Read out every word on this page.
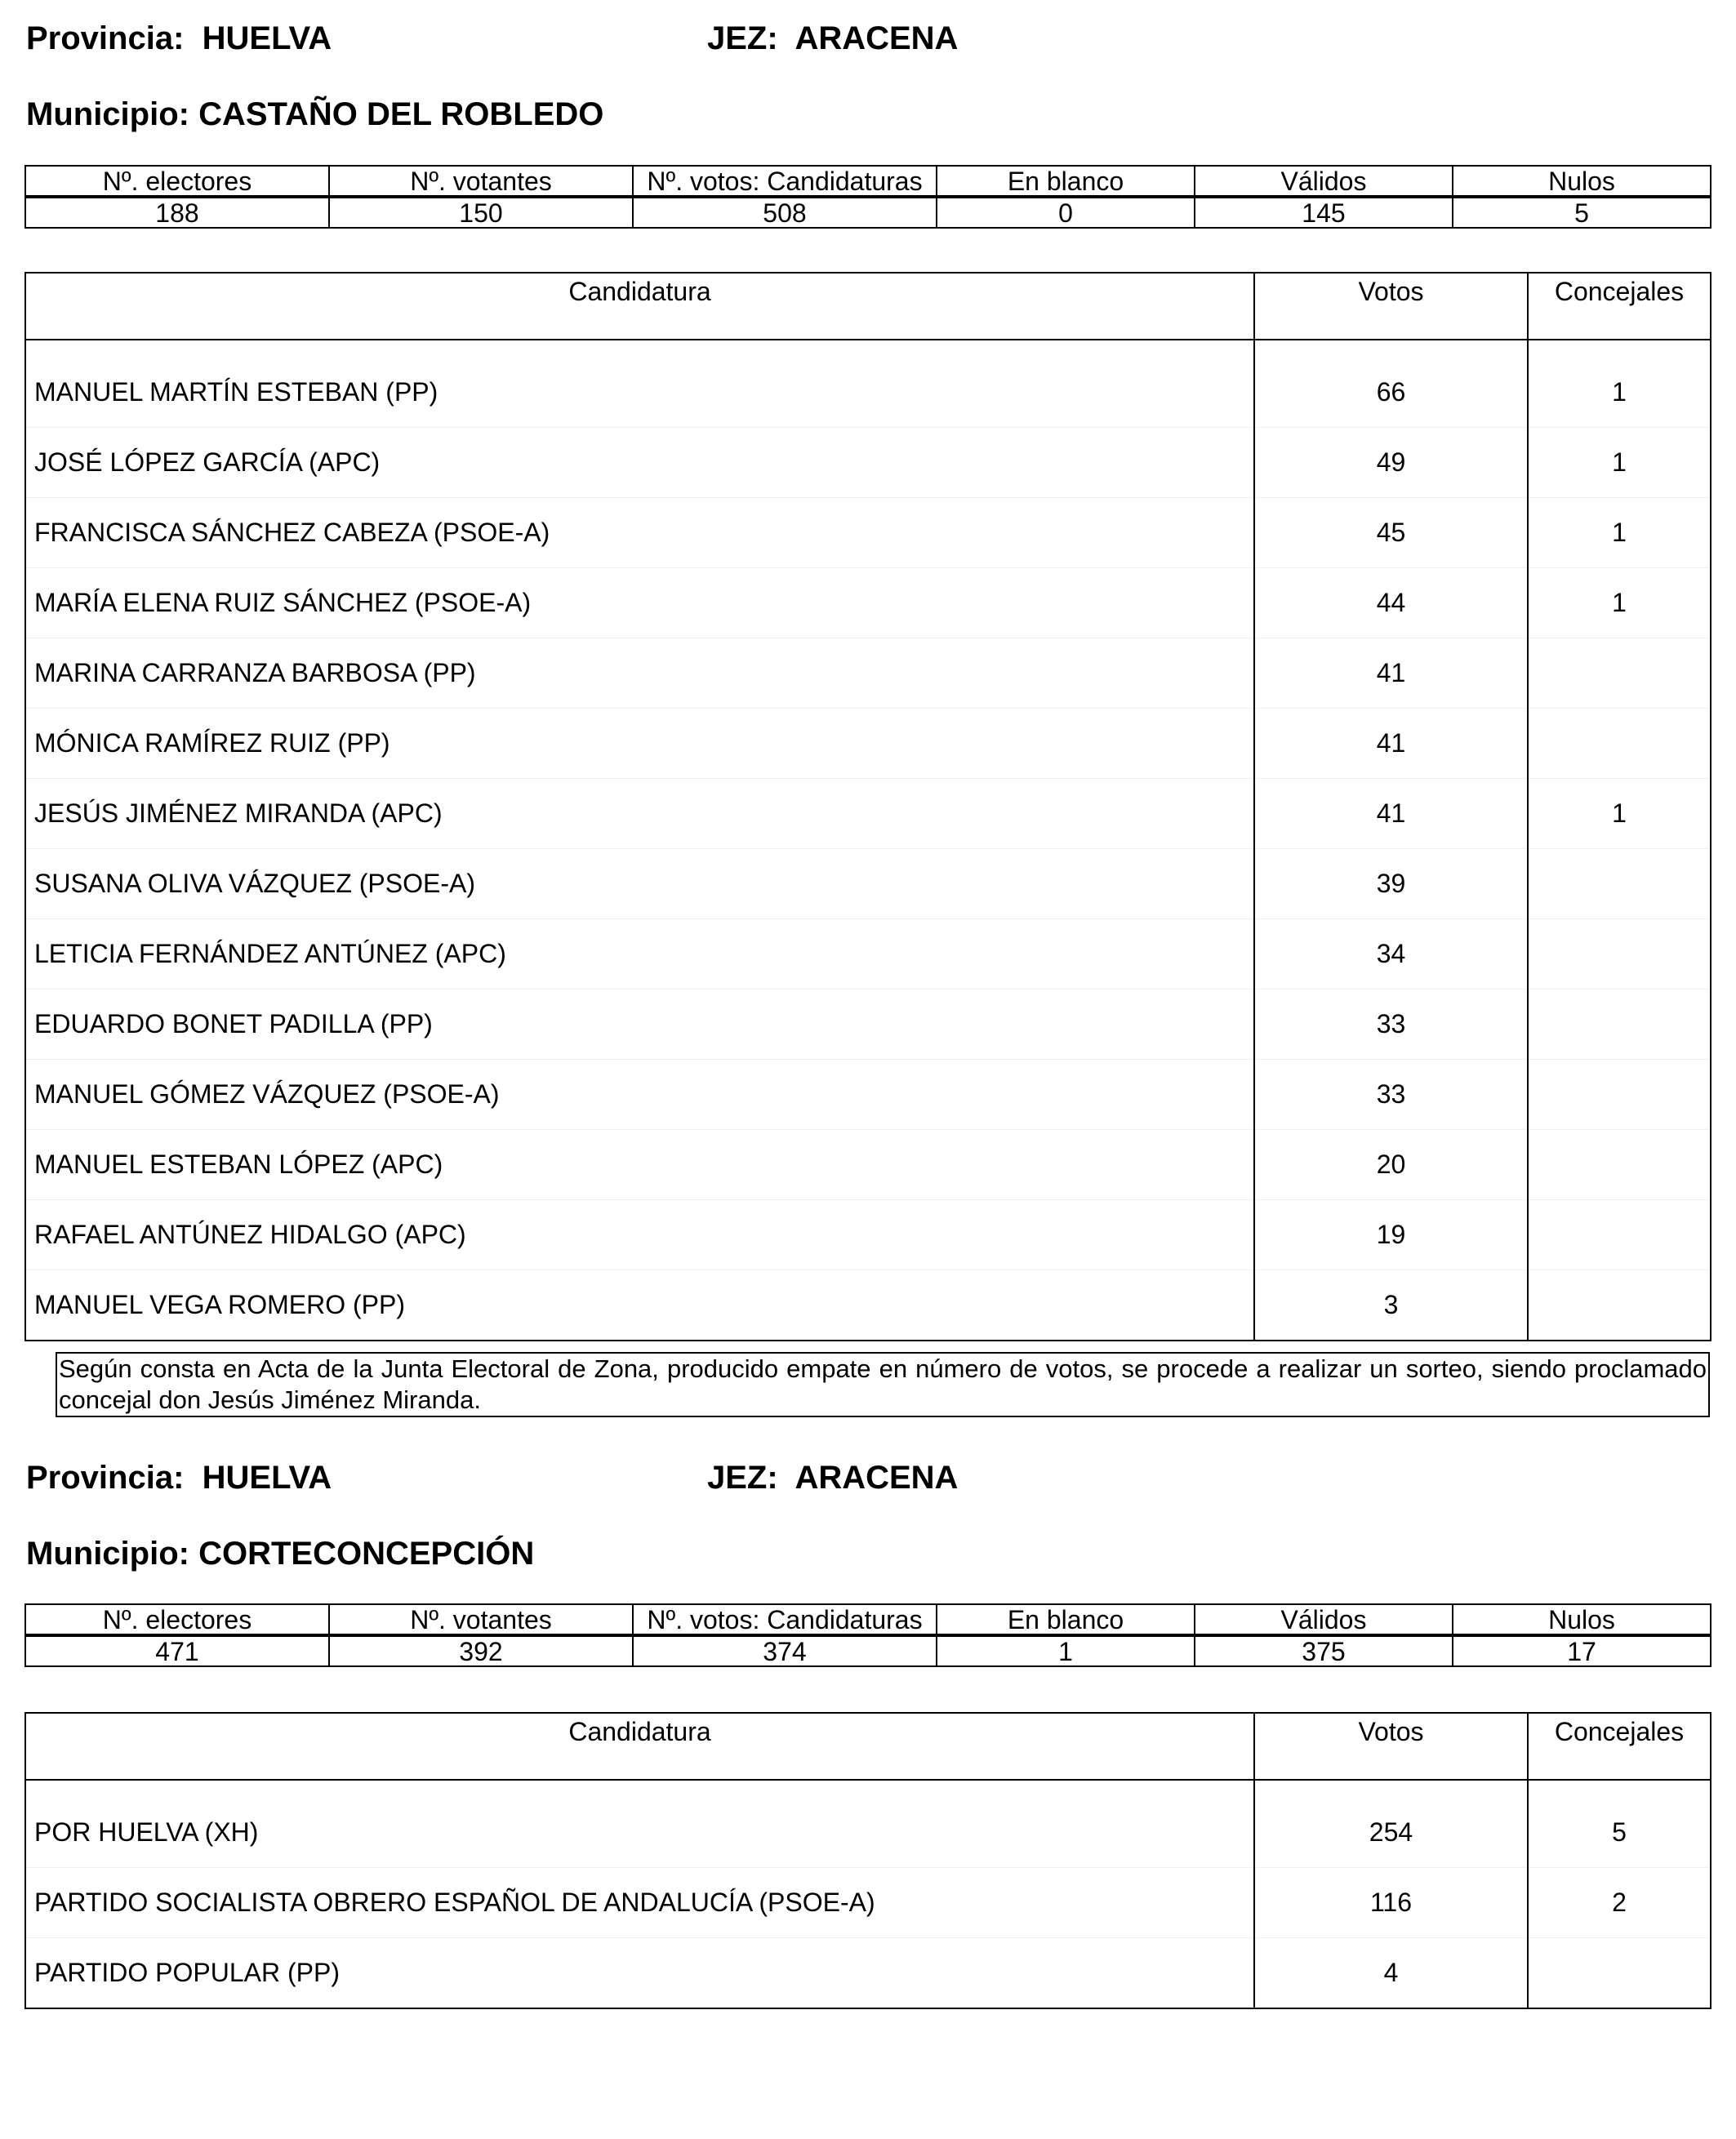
Provincia: HUELVA	JEZ: ARACENA
Municipio: CASTAÑO DEL ROBLEDO
Nº. electores	Nº. votantes	Nº. votos: Candidaturas	En blanco	Válidos	Nulos
188	150	508	0	145	5
Candidatura	Votos	Concejales

MANUEL MARTÍN ESTEBAN (PP)	66	1
JOSÉ LÓPEZ GARCÍA (APC)	49	1
FRANCISCA SÁNCHEZ CABEZA (PSOE-A)	45	1
MARÍA ELENA RUIZ SÁNCHEZ (PSOE-A)	44	1
MARINA CARRANZA BARBOSA (PP)	41	
MÓNICA RAMÍREZ RUIZ (PP)	41	
JESÚS JIMÉNEZ MIRANDA (APC)	41	1
SUSANA OLIVA VÁZQUEZ (PSOE-A)	39	
LETICIA FERNÁNDEZ ANTÚNEZ (APC)	34	
EDUARDO BONET PADILLA (PP)	33	
MANUEL GÓMEZ VÁZQUEZ (PSOE-A)	33	
MANUEL ESTEBAN LÓPEZ (APC)	20	
RAFAEL ANTÚNEZ HIDALGO (APC)	19	
MANUEL VEGA ROMERO (PP)	3	
Según consta en Acta de la Junta Electoral de Zona, producido empate en número de votos, se procede a realizar un sorteo, siendo proclamado concejal don Jesús Jiménez Miranda.
Provincia: HUELVA	JEZ: ARACENA
Municipio: CORTECONCEPCIÓN
Nº. electores	Nº. votantes	Nº. votos: Candidaturas	En blanco	Válidos	Nulos
471	392	374	1	375	17
Candidatura	Votos	Concejales

POR HUELVA (XH)	254	5
PARTIDO SOCIALISTA OBRERO ESPAÑOL DE ANDALUCÍA (PSOE-A)	116	2
PARTIDO POPULAR (PP)	4	
